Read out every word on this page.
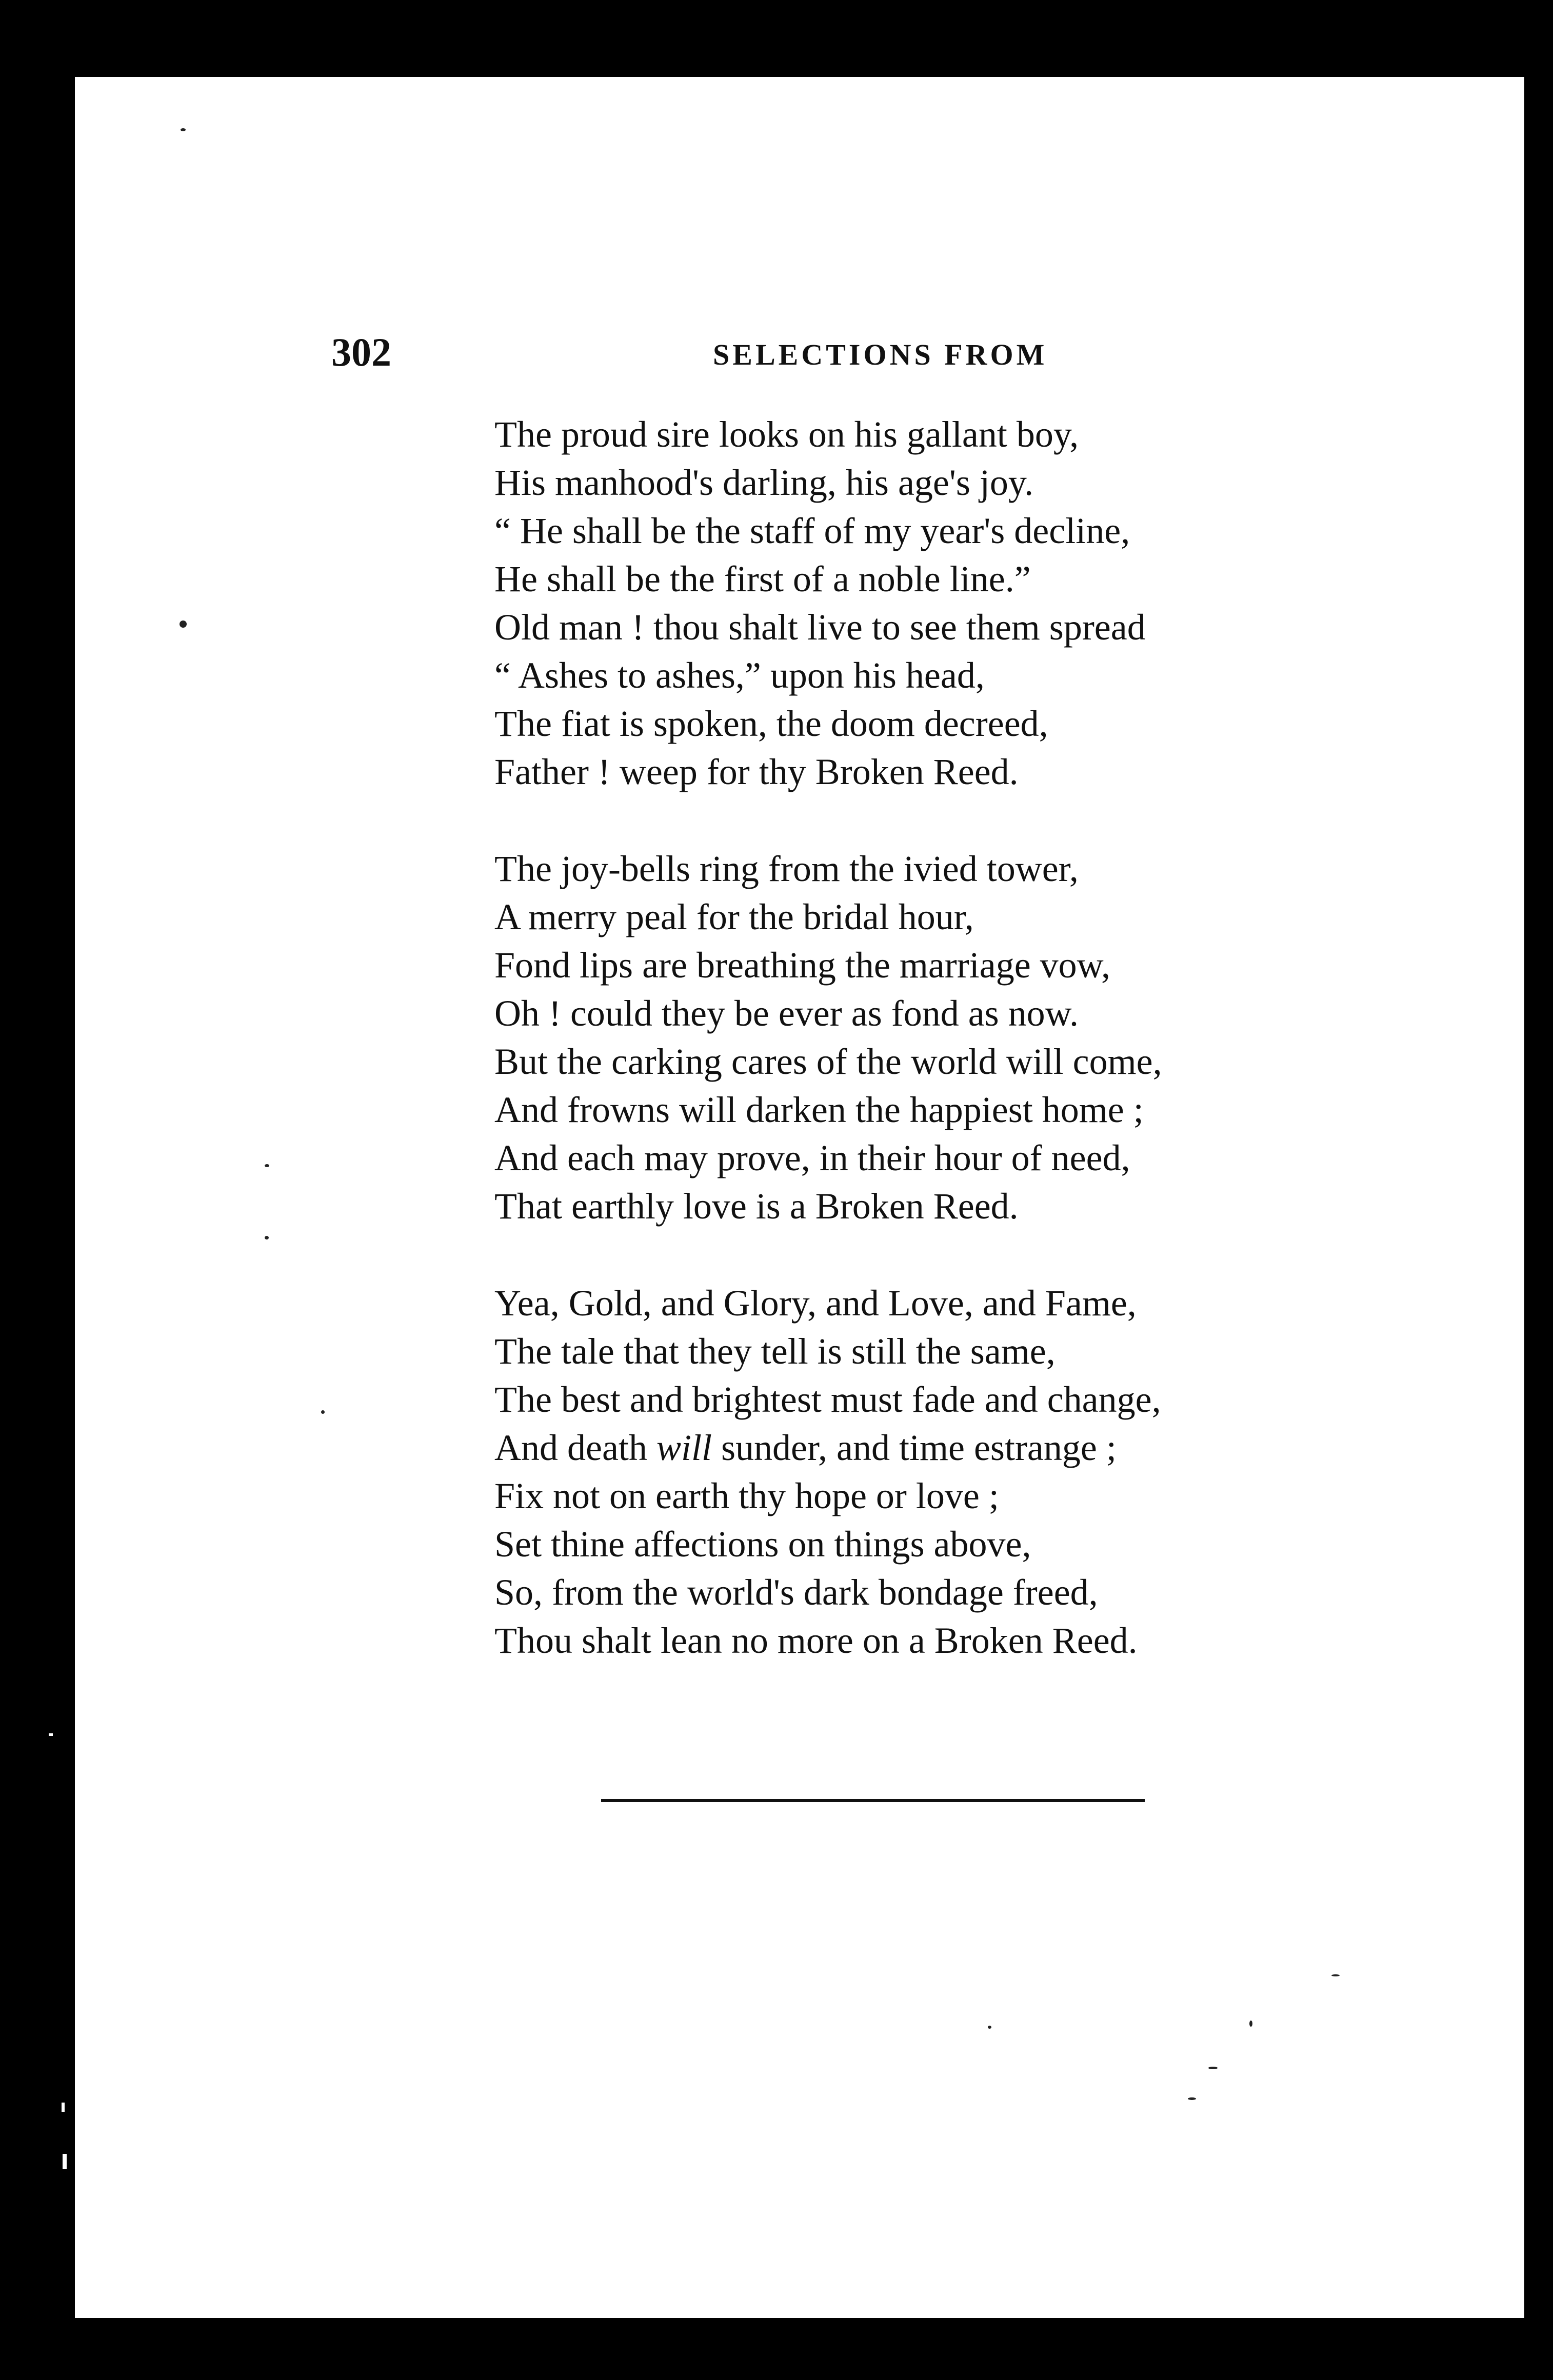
302	SELECTIONS FROM
The proud sire looks on his gallant boy,
His manhood's darling, his age's joy.
“ He shall be the staff of my year's decline,
He shall be the first of a noble line.”
Old man ! thou shalt live to see them spread
“ Ashes to ashes,” upon his head,
The fiat is spoken, the doom decreed,
Father ! weep for thy Broken Reed.
The joy-bells ring from the ivied tower,
A merry peal for the bridal hour,
Fond lips are breathing the marriage vow,
Oh ! could they be ever as fond as now.
But the carking cares of the world will come,
And frowns will darken the happiest home ;
And each may prove, in their hour of need,
That earthly love is a Broken Reed.
Yea, Gold, and Glory, and Love, and Fame,
The tale that they tell is still the same,
The best and brightest must fade and change,
And death will sunder, and time estrange ;
Fix not on earth thy hope or love ;
Set thine affections on things above,
So, from the world's dark bondage freed,
Thou shalt lean no more on a Broken Reed.
